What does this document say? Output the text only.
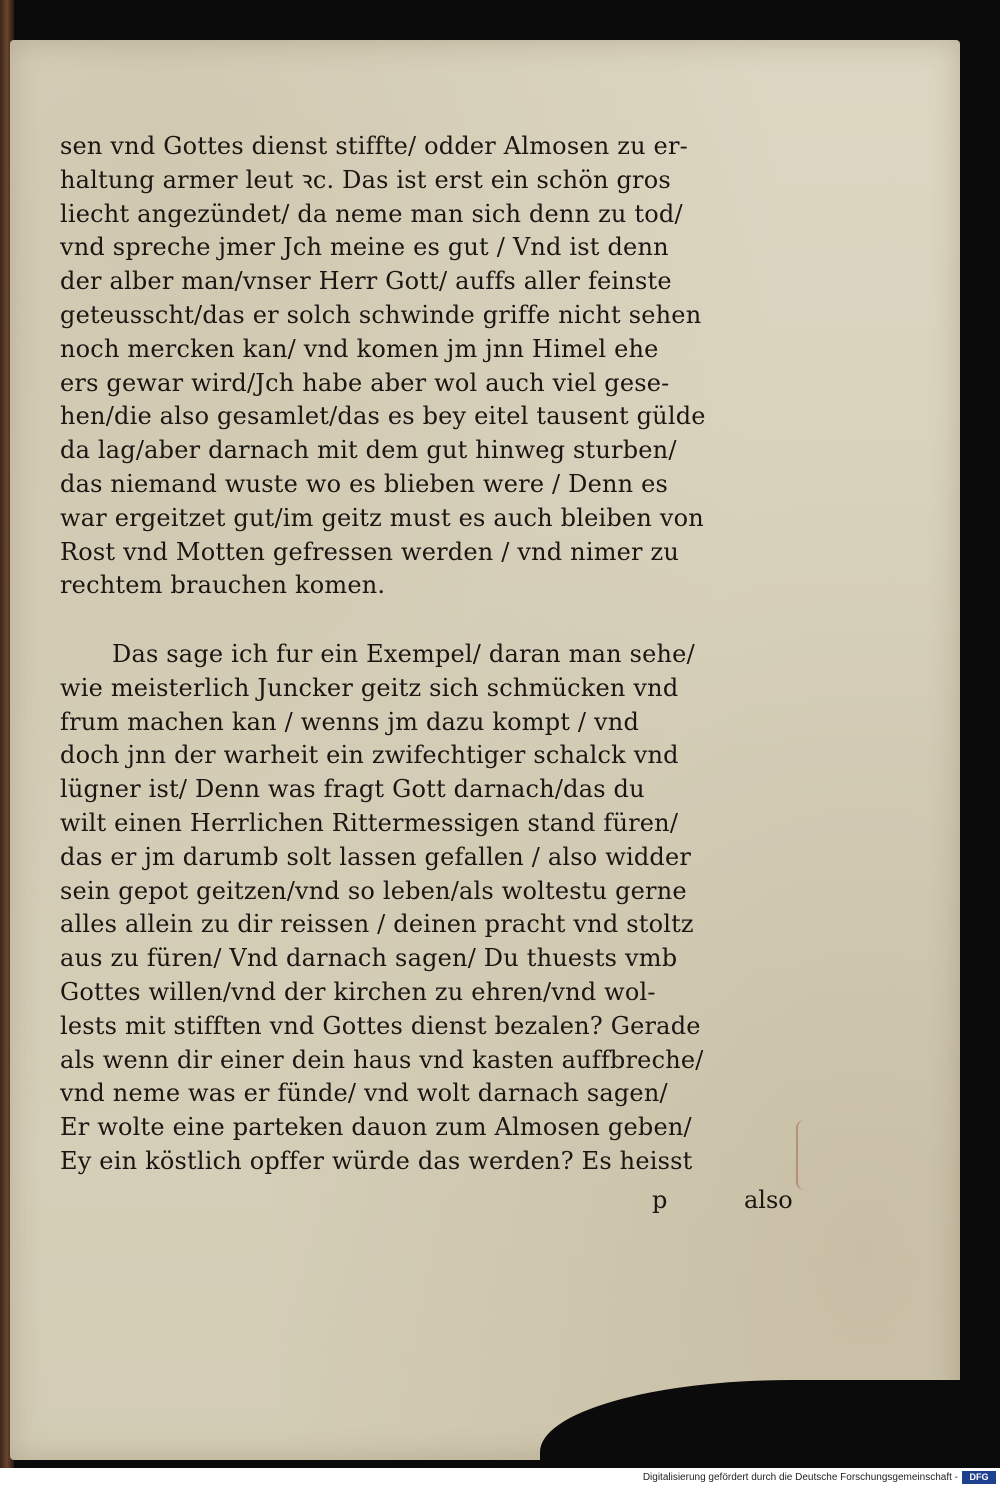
sen vnd Gottes dienst stiffte/ odder Almosen zu er-
haltung armer leut ꝛc. Das ist erst ein schön gros
liecht angezündet/ da neme man sich denn zu tod/
vnd spreche jmer Jch meine es gut / Vnd ist denn
der alber man/vnser Herr Gott/ auffs aller feinste
geteusscht/das er solch schwinde griffe nicht sehen
noch mercken kan/ vnd komen jm jnn Himel ehe
ers gewar wird/Jch habe aber wol auch viel gese-
hen/die also gesamlet/das es bey eitel tausent gülde
da lag/aber darnach mit dem gut hinweg sturben/
das niemand wuste wo es blieben were / Denn es
war ergeitzet gut/im geitz must es auch bleiben von
Rost vnd Motten gefressen werden / vnd nimer zu
rechtem brauchen komen.
Das sage ich fur ein Exempel/ daran man sehe/
wie meisterlich Juncker geitz sich schmücken vnd
frum machen kan / wenns jm dazu kompt / vnd
doch jnn der warheit ein zwifechtiger schalck vnd
lügner ist/ Denn was fragt Gott darnach/das du
wilt einen Herrlichen Rittermessigen stand füren/
das er jm darumb solt lassen gefallen / also widder
sein gepot geitzen/vnd so leben/als woltestu gerne
alles allein zu dir reissen / deinen pracht vnd stoltz
aus zu füren/ Vnd darnach sagen/ Du thuests vmb
Gottes willen/vnd der kirchen zu ehren/vnd wol-
lests mit stifften vnd Gottes dienst bezalen? Gerade
als wenn dir einer dein haus vnd kasten auffbreche/
vnd neme was er fünde/ vnd wolt darnach sagen/
Er wolte eine parteken dauon zum Almosen geben/
Ey ein köstlich opffer würde das werden? Es heisst
p	also
Digitalisierung gefördert durch die Deutsche Forschungsgemeinschaft -	DFG
